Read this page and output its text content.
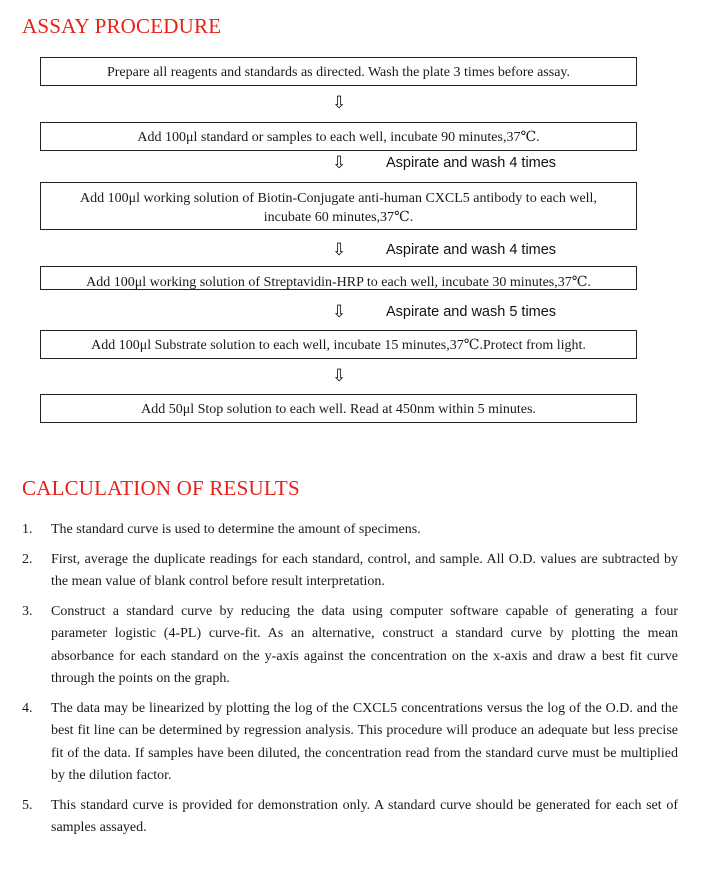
ASSAY PROCEDURE
Prepare all reagents and standards as directed. Wash the plate 3 times before assay.
⇩
Add 100μl standard or samples to each well, incubate 90 minutes,37℃.
⇩	Aspirate and wash 4 times
Add 100μl working solution of Biotin-Conjugate anti-human CXCL5 antibody to each well, incubate 60 minutes,37℃.
⇩	Aspirate and wash 4 times
Add 100μl working solution of Streptavidin-HRP to each well, incubate 30 minutes,37℃.
⇩	Aspirate and wash 5 times
Add 100μl Substrate solution to each well, incubate 15 minutes,37℃.Protect from light.
⇩
Add 50μl Stop solution to each well. Read at 450nm within 5 minutes.
CALCULATION OF RESULTS
1. The standard curve is used to determine the amount of specimens.
2. First, average the duplicate readings for each standard, control, and sample. All O.D. values are subtracted by the mean value of blank control before result interpretation.
3. Construct a standard curve by reducing the data using computer software capable of generating a four parameter logistic (4-PL) curve-fit. As an alternative, construct a standard curve by plotting the mean absorbance for each standard on the y-axis against the concentration on the x-axis and draw a best fit curve through the points on the graph.
4. The data may be linearized by plotting the log of the CXCL5 concentrations versus the log of the O.D. and the best fit line can be determined by regression analysis. This procedure will produce an adequate but less precise fit of the data. If samples have been diluted, the concentration read from the standard curve must be multiplied by the dilution factor.
5. This standard curve is provided for demonstration only. A standard curve should be generated for each set of samples assayed.
